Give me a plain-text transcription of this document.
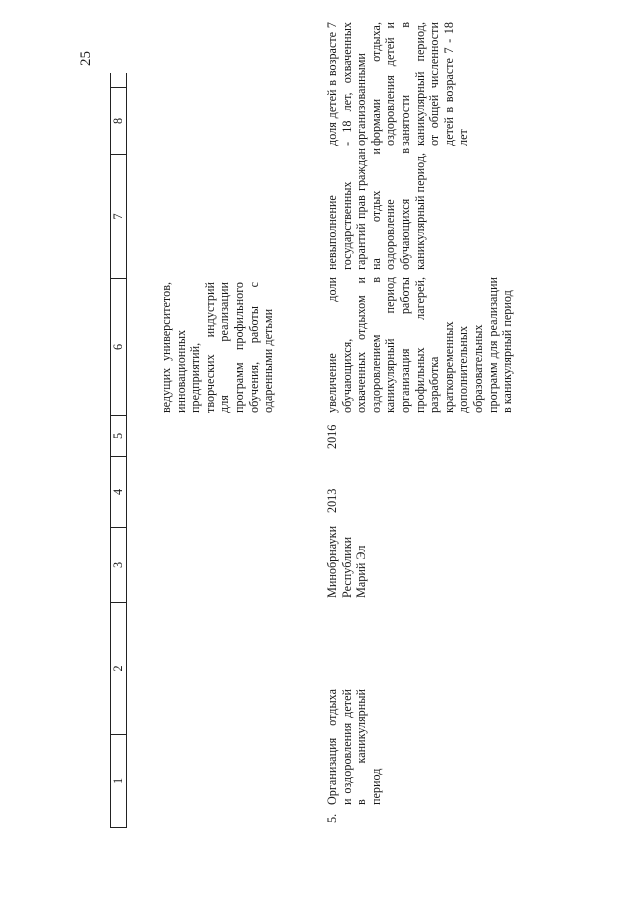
25
1
2
3
4
5
6
7
8
ведущих университетов, инновационных предприятий, творческих индустрий для реализации программ профильного обучения, работы с одаренными детьми
5.
Организация отдыха и оздоровления детей в каникулярный период
Минобрнауки Республики Марий Эл
2013
2016
увеличение доли обучающихся, охваченных отдыхом и оздоровлением в каникулярный период организация работы профильных лагерей, разработка кратковременных дополнительных образовательных программ для реализации в каникулярный период
невыполнение государственных гарантий прав граждан на отдых и оздоровление обучающихся в каникулярный период,
доля детей в возрасте 7 - 18 лет, охваченных организованными формами отдыха, оздоровления детей и занятости в каникулярный период, от общей численности детей в возрасте 7 - 18 лет
